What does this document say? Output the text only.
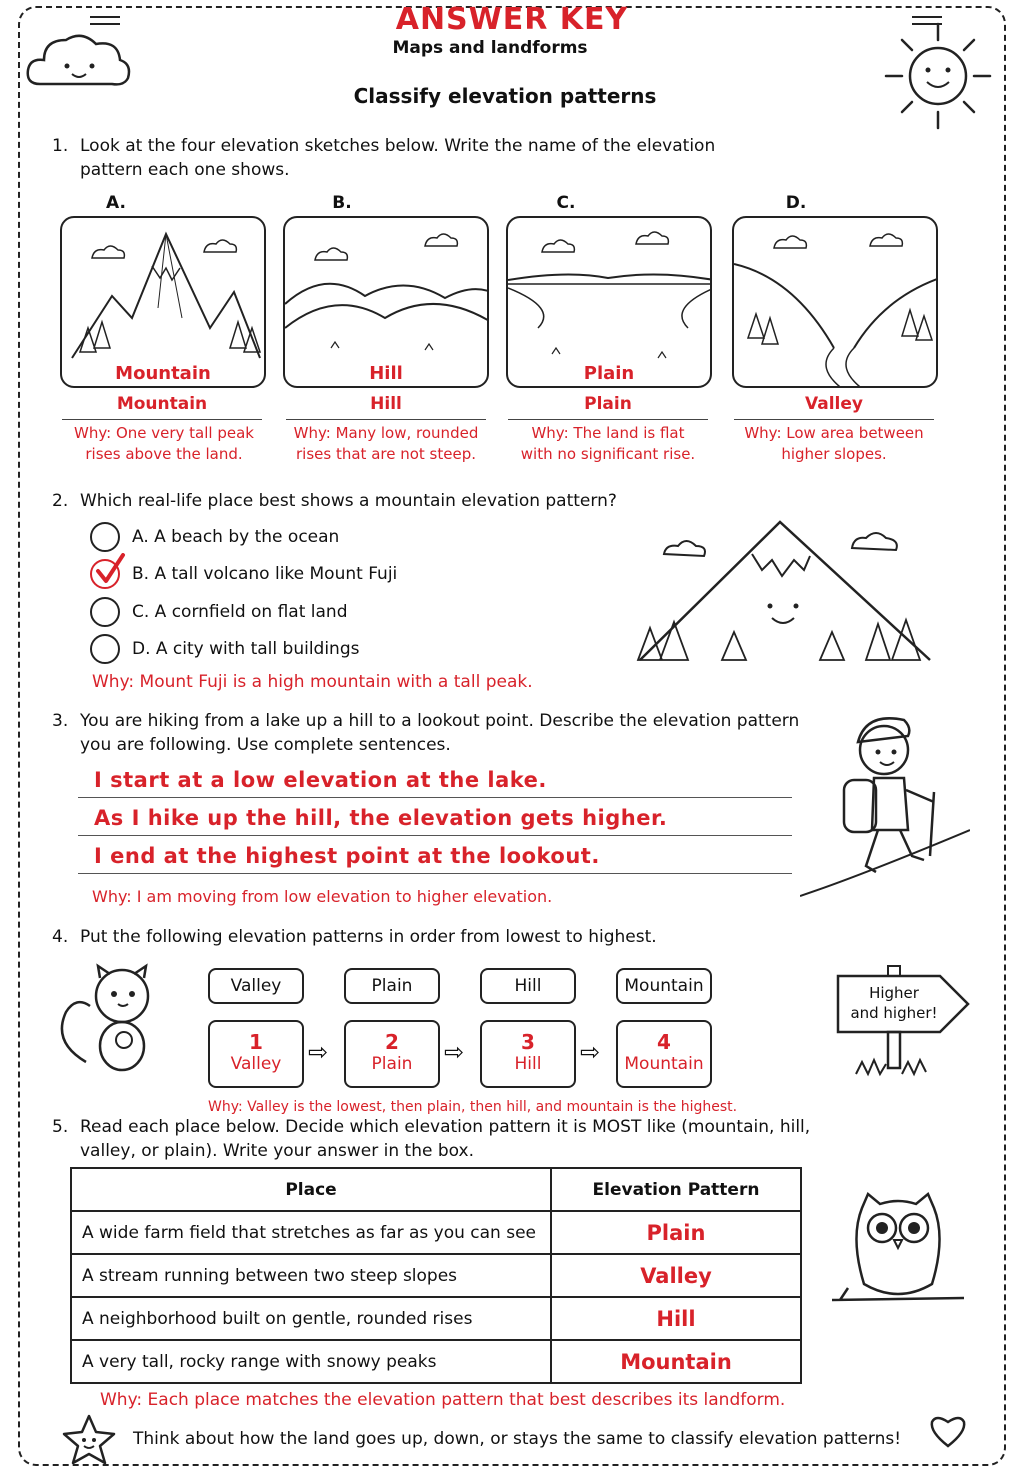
ANSWER KEY
Maps and landforms
Classify elevation patterns
1. Look at the four elevation sketches below. Write the name of the elevation
pattern each one shows.
A.
Mountain
Mountain
Why: One very tall peak
rises above the land.
B.
Hill
Hill
Why: Many low, rounded
rises that are not steep.
C.
Plain
Plain
Why: The land is flat
with no significant rise.
D.
Valley
Why: Low area between
higher slopes.
2. Which real-life place best shows a mountain elevation pattern?
A. A beach by the ocean
B. A tall volcano like Mount Fuji
C. A cornfield on flat land
D. A city with tall buildings
Why: Mount Fuji is a high mountain with a tall peak.
3. You are hiking from a lake up a hill to a lookout point. Describe the elevation pattern
you are following. Use complete sentences.
I start at a low elevation at the lake.
As I hike up the hill, the elevation gets higher.
I end at the highest point at the lookout.
Why: I am moving from low elevation to higher elevation.
4. Put the following elevation patterns in order from lowest to highest.
Valley	Plain	Hill	Mountain
1
Valley	⇨	2
Plain	⇨	3
Hill	⇨	4
Mountain
Higher
and higher!
Why: Valley is the lowest, then plain, then hill, and mountain is the highest.
5. Read each place below. Decide which elevation pattern it is MOST like (mountain, hill,
valley, or plain). Write your answer in the box.
Place	Elevation Pattern
A wide farm field that stretches as far as you can see	Plain
A stream running between two steep slopes	Valley
A neighborhood built on gentle, rounded rises	Hill
A very tall, rocky range with snowy peaks	Mountain
Why: Each place matches the elevation pattern that best describes its landform.
Think about how the land goes up, down, or stays the same to classify elevation patterns!
